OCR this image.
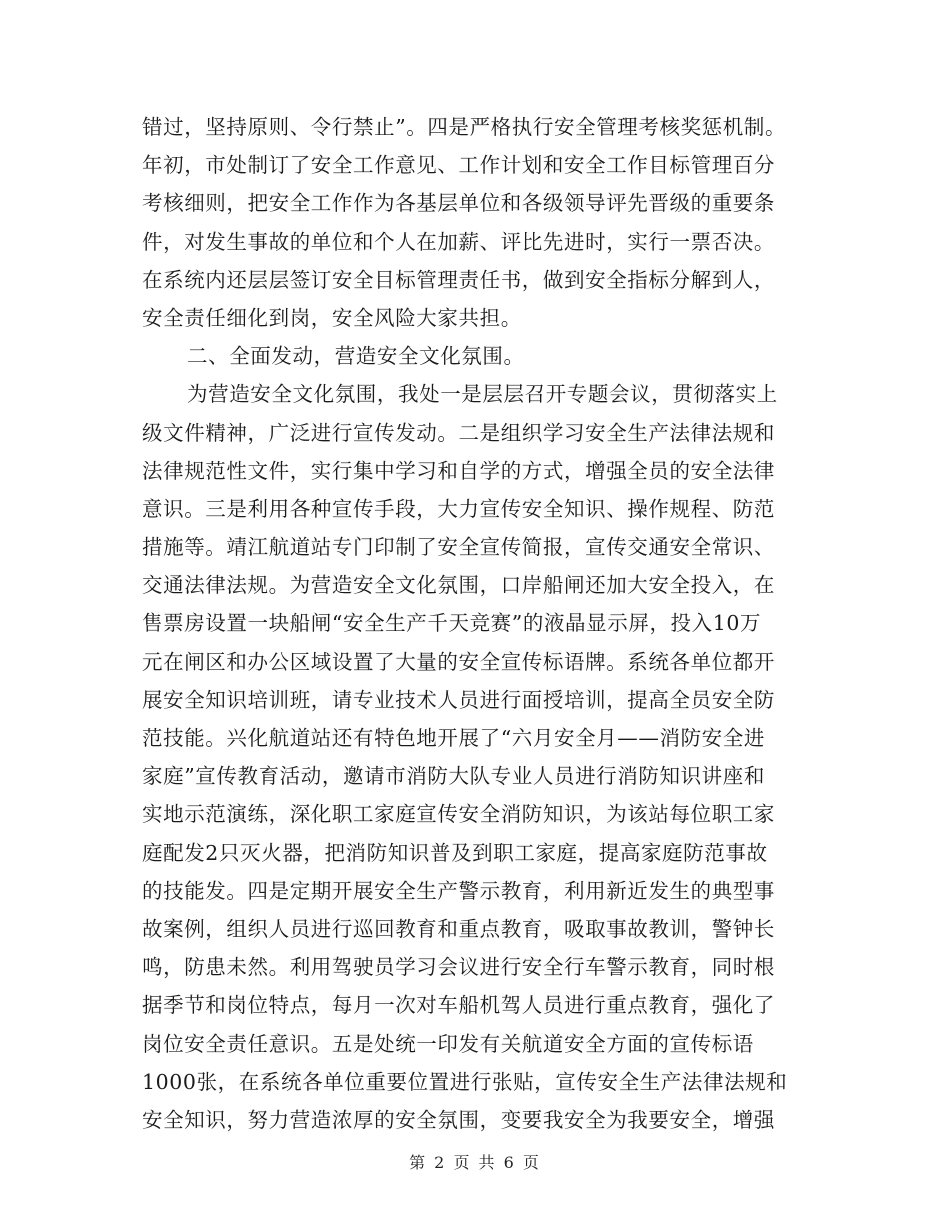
错过，坚持原则、令行禁止”。四是严格执行安全管理考核奖惩机制。
年初，市处制订了安全工作意见、工作计划和安全工作目标管理百分
考核细则，把安全工作作为各基层单位和各级领导评先晋级的重要条
件，对发生事故的单位和个人在加薪、评比先进时，实行一票否决。
在系统内还层层签订安全目标管理责任书，做到安全指标分解到人，
安全责任细化到岗，安全风险大家共担。
二、全面发动，营造安全文化氛围。
为营造安全文化氛围，我处一是层层召开专题会议，贯彻落实上
级文件精神，广泛进行宣传发动。二是组织学习安全生产法律法规和
法律规范性文件，实行集中学习和自学的方式，增强全员的安全法律
意识。三是利用各种宣传手段，大力宣传安全知识、操作规程、防范
措施等。靖江航道站专门印制了安全宣传简报，宣传交通安全常识、
交通法律法规。为营造安全文化氛围，口岸船闸还加大安全投入，在
售票房设置一块船闸“安全生产千天竞赛”的液晶显示屏，投入10万
元在闸区和办公区域设置了大量的安全宣传标语牌。系统各单位都开
展安全知识培训班，请专业技术人员进行面授培训，提高全员安全防
范技能。兴化航道站还有特色地开展了“六月安全月——消防安全进
家庭”宣传教育活动，邀请市消防大队专业人员进行消防知识讲座和
实地示范演练，深化职工家庭宣传安全消防知识，为该站每位职工家
庭配发2只灭火器，把消防知识普及到职工家庭，提高家庭防范事故
的技能发。四是定期开展安全生产警示教育，利用新近发生的典型事
故案例，组织人员进行巡回教育和重点教育，吸取事故教训，警钟长
鸣，防患未然。利用驾驶员学习会议进行安全行车警示教育，同时根
据季节和岗位特点，每月一次对车船机驾人员进行重点教育，强化了
岗位安全责任意识。五是处统一印发有关航道安全方面的宣传标语
1000张，在系统各单位重要位置进行张贴，宣传安全生产法律法规和
安全知识，努力营造浓厚的安全氛围，变要我安全为我要安全，增强
第 2 页 共 6 页
